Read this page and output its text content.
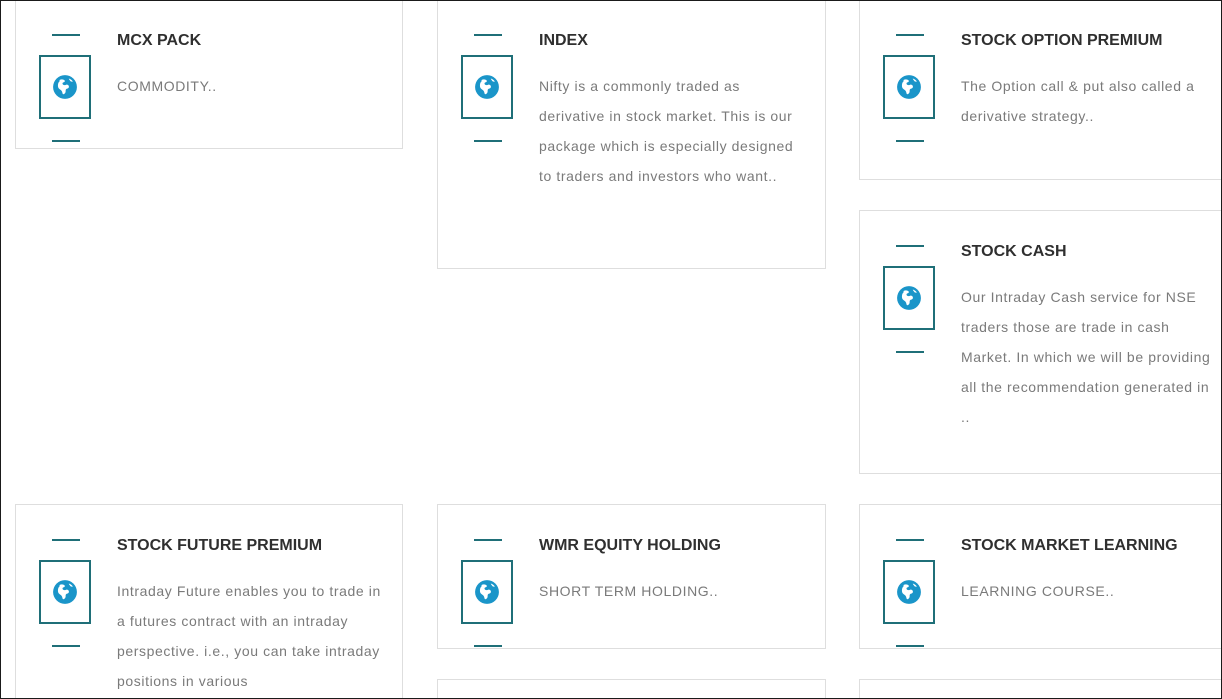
MCX PACK

COMMODITY..

INDEX

Nifty is a commonly traded as derivative in stock market. This is our package which is especially designed to traders and investors who want..

STOCK OPTION PREMIUM

The Option call & put also called a derivative strategy..

STOCK CASH

Our Intraday Cash service for NSE traders those are trade in cash Market. In which we will be providing all the recommendation generated in ..

STOCK FUTURE PREMIUM

Intraday Future enables you to trade in a futures contract with an intraday perspective. i.e., you can take intraday positions in various

WMR EQUITY HOLDING

SHORT TERM HOLDING..

STOCK MARKET LEARNING

LEARNING COURSE..
